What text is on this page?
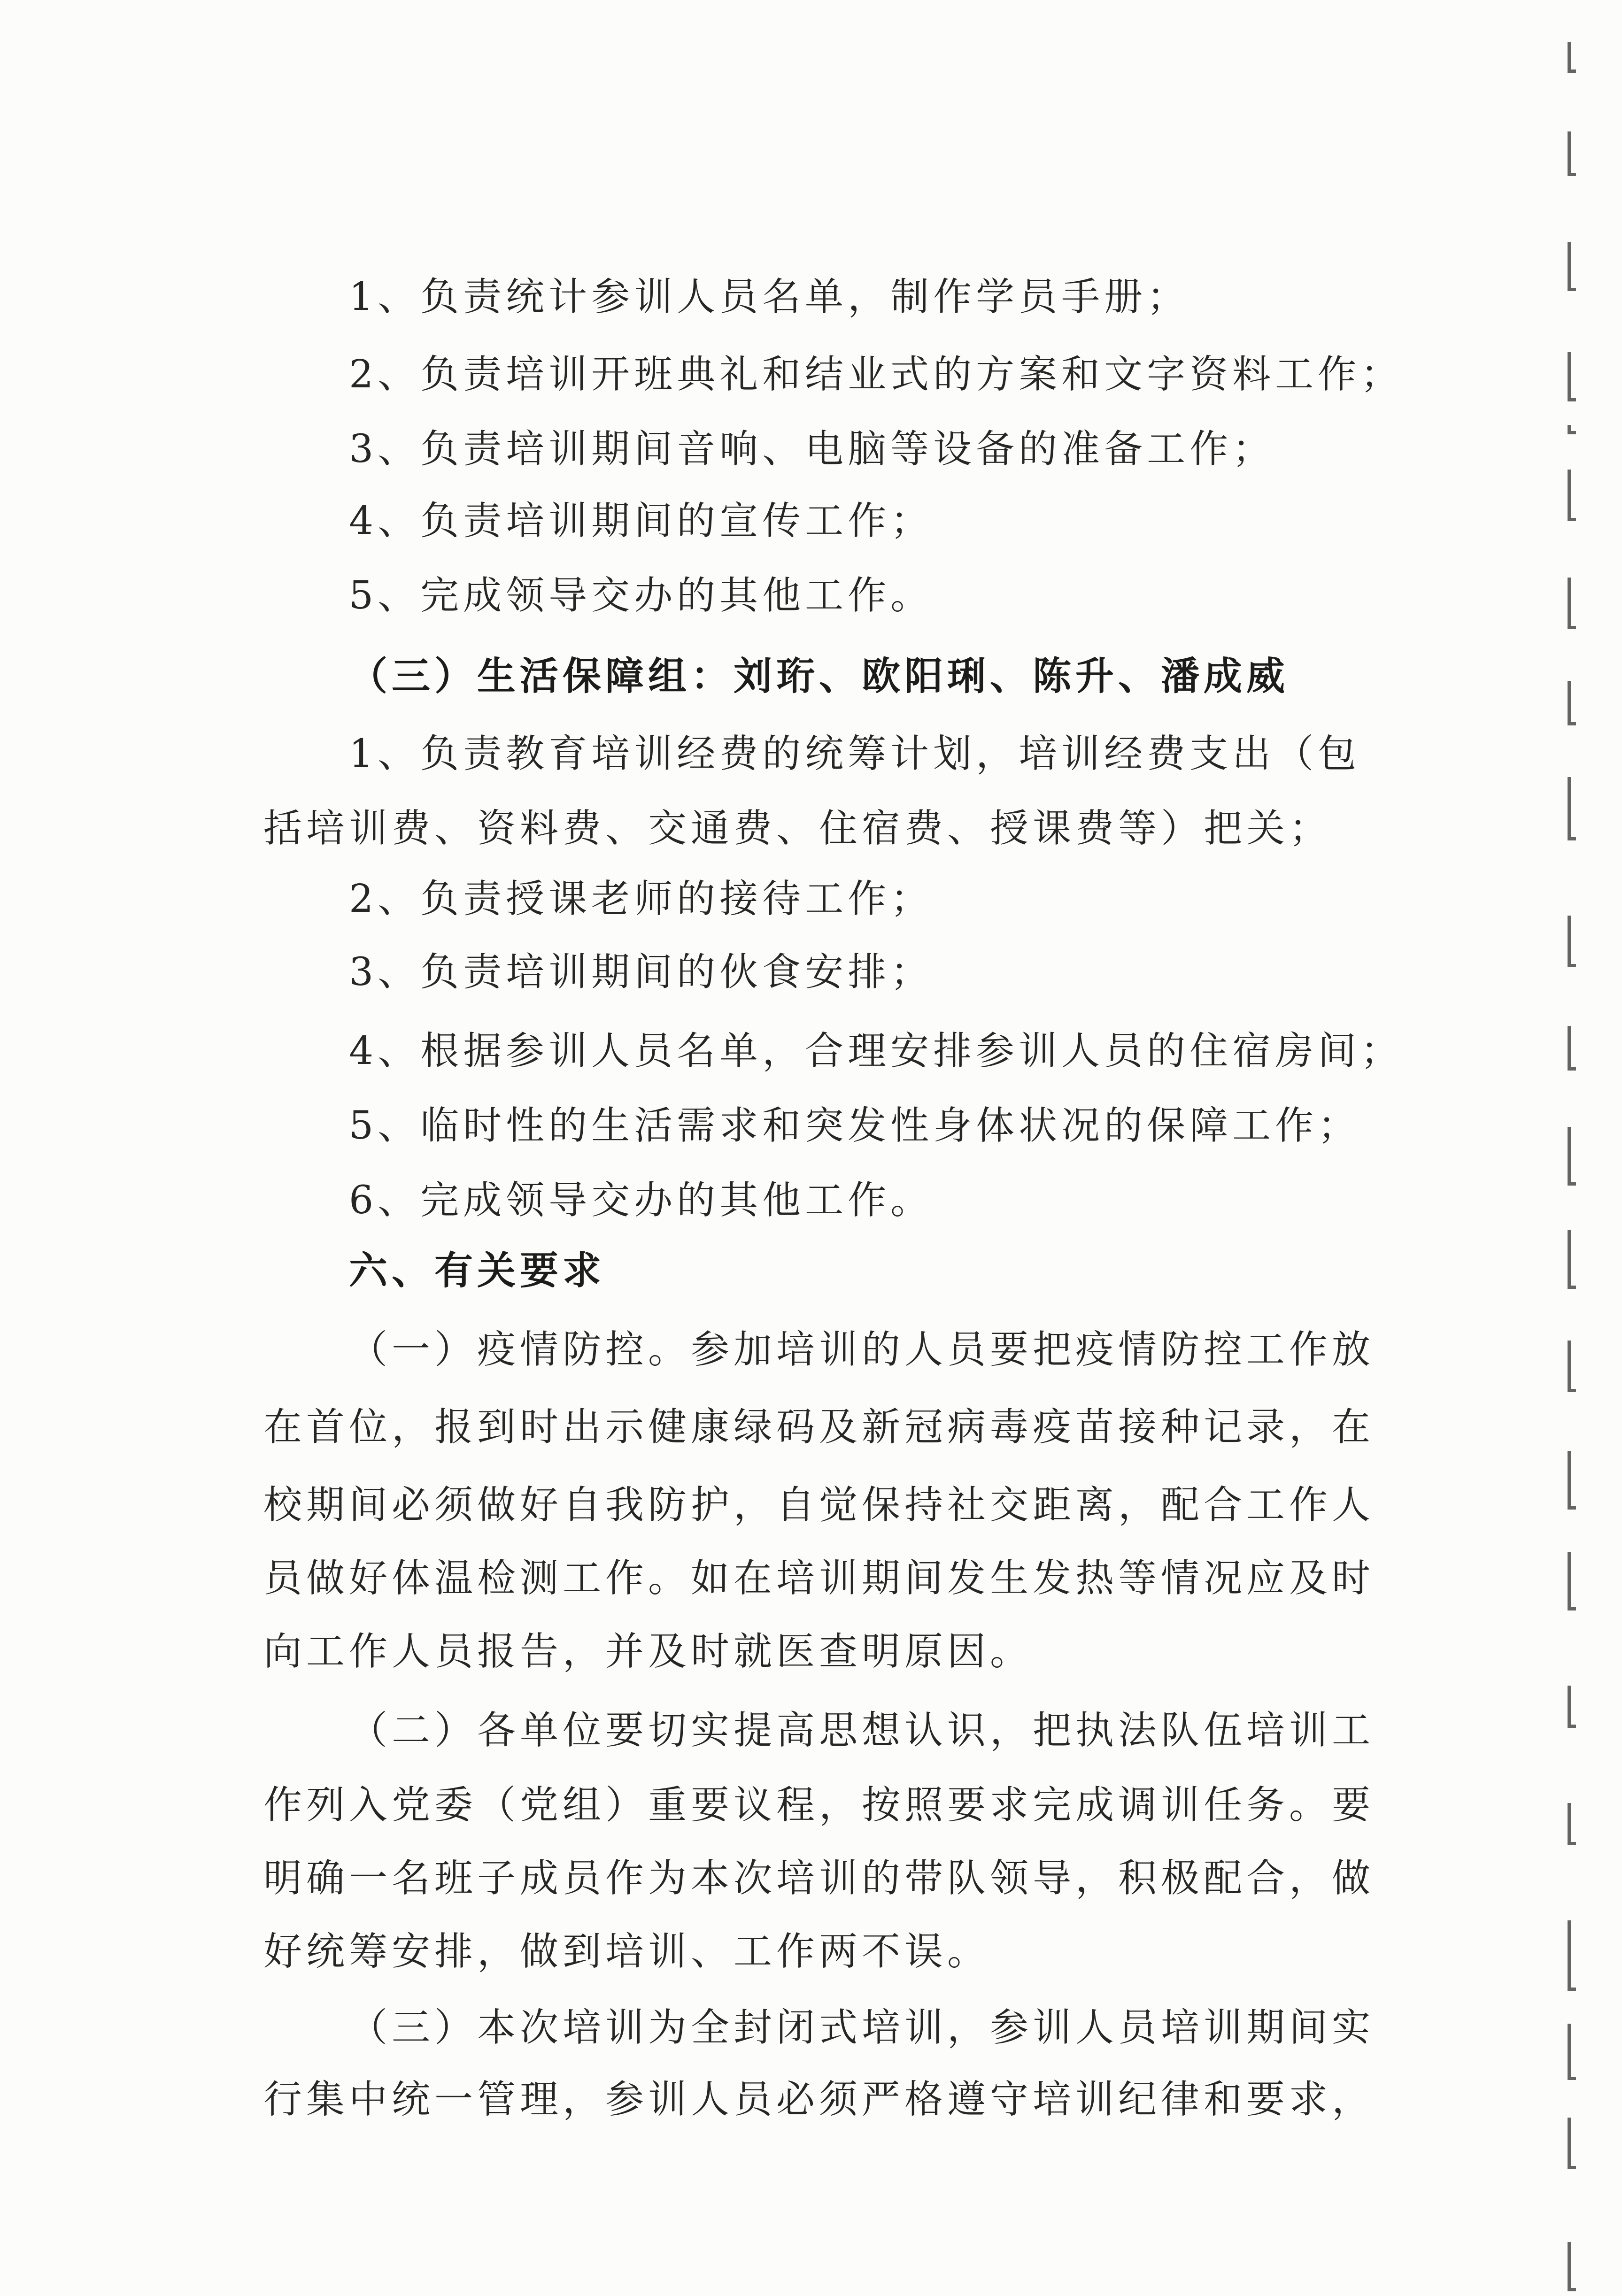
1、负责统计参训人员名单，制作学员手册；
2、负责培训开班典礼和结业式的方案和文字资料工作；
3、负责培训期间音响、电脑等设备的准备工作；
4、负责培训期间的宣传工作；
5、完成领导交办的其他工作。
（三）生活保障组：刘珩、欧阳琍、陈升、潘成威
1、负责教育培训经费的统筹计划，培训经费支出（包
括培训费、资料费、交通费、住宿费、授课费等）把关；
2、负责授课老师的接待工作；
3、负责培训期间的伙食安排；
4、根据参训人员名单，合理安排参训人员的住宿房间；
5、临时性的生活需求和突发性身体状况的保障工作；
6、完成领导交办的其他工作。
六、有关要求
（一）疫情防控。参加培训的人员要把疫情防控工作放
在首位，报到时出示健康绿码及新冠病毒疫苗接种记录，在
校期间必须做好自我防护，自觉保持社交距离，配合工作人
员做好体温检测工作。如在培训期间发生发热等情况应及时
向工作人员报告，并及时就医查明原因。
（二）各单位要切实提高思想认识，把执法队伍培训工
作列入党委（党组）重要议程，按照要求完成调训任务。要
明确一名班子成员作为本次培训的带队领导，积极配合，做
好统筹安排，做到培训、工作两不误。
（三）本次培训为全封闭式培训，参训人员培训期间实
行集中统一管理，参训人员必须严格遵守培训纪律和要求，
